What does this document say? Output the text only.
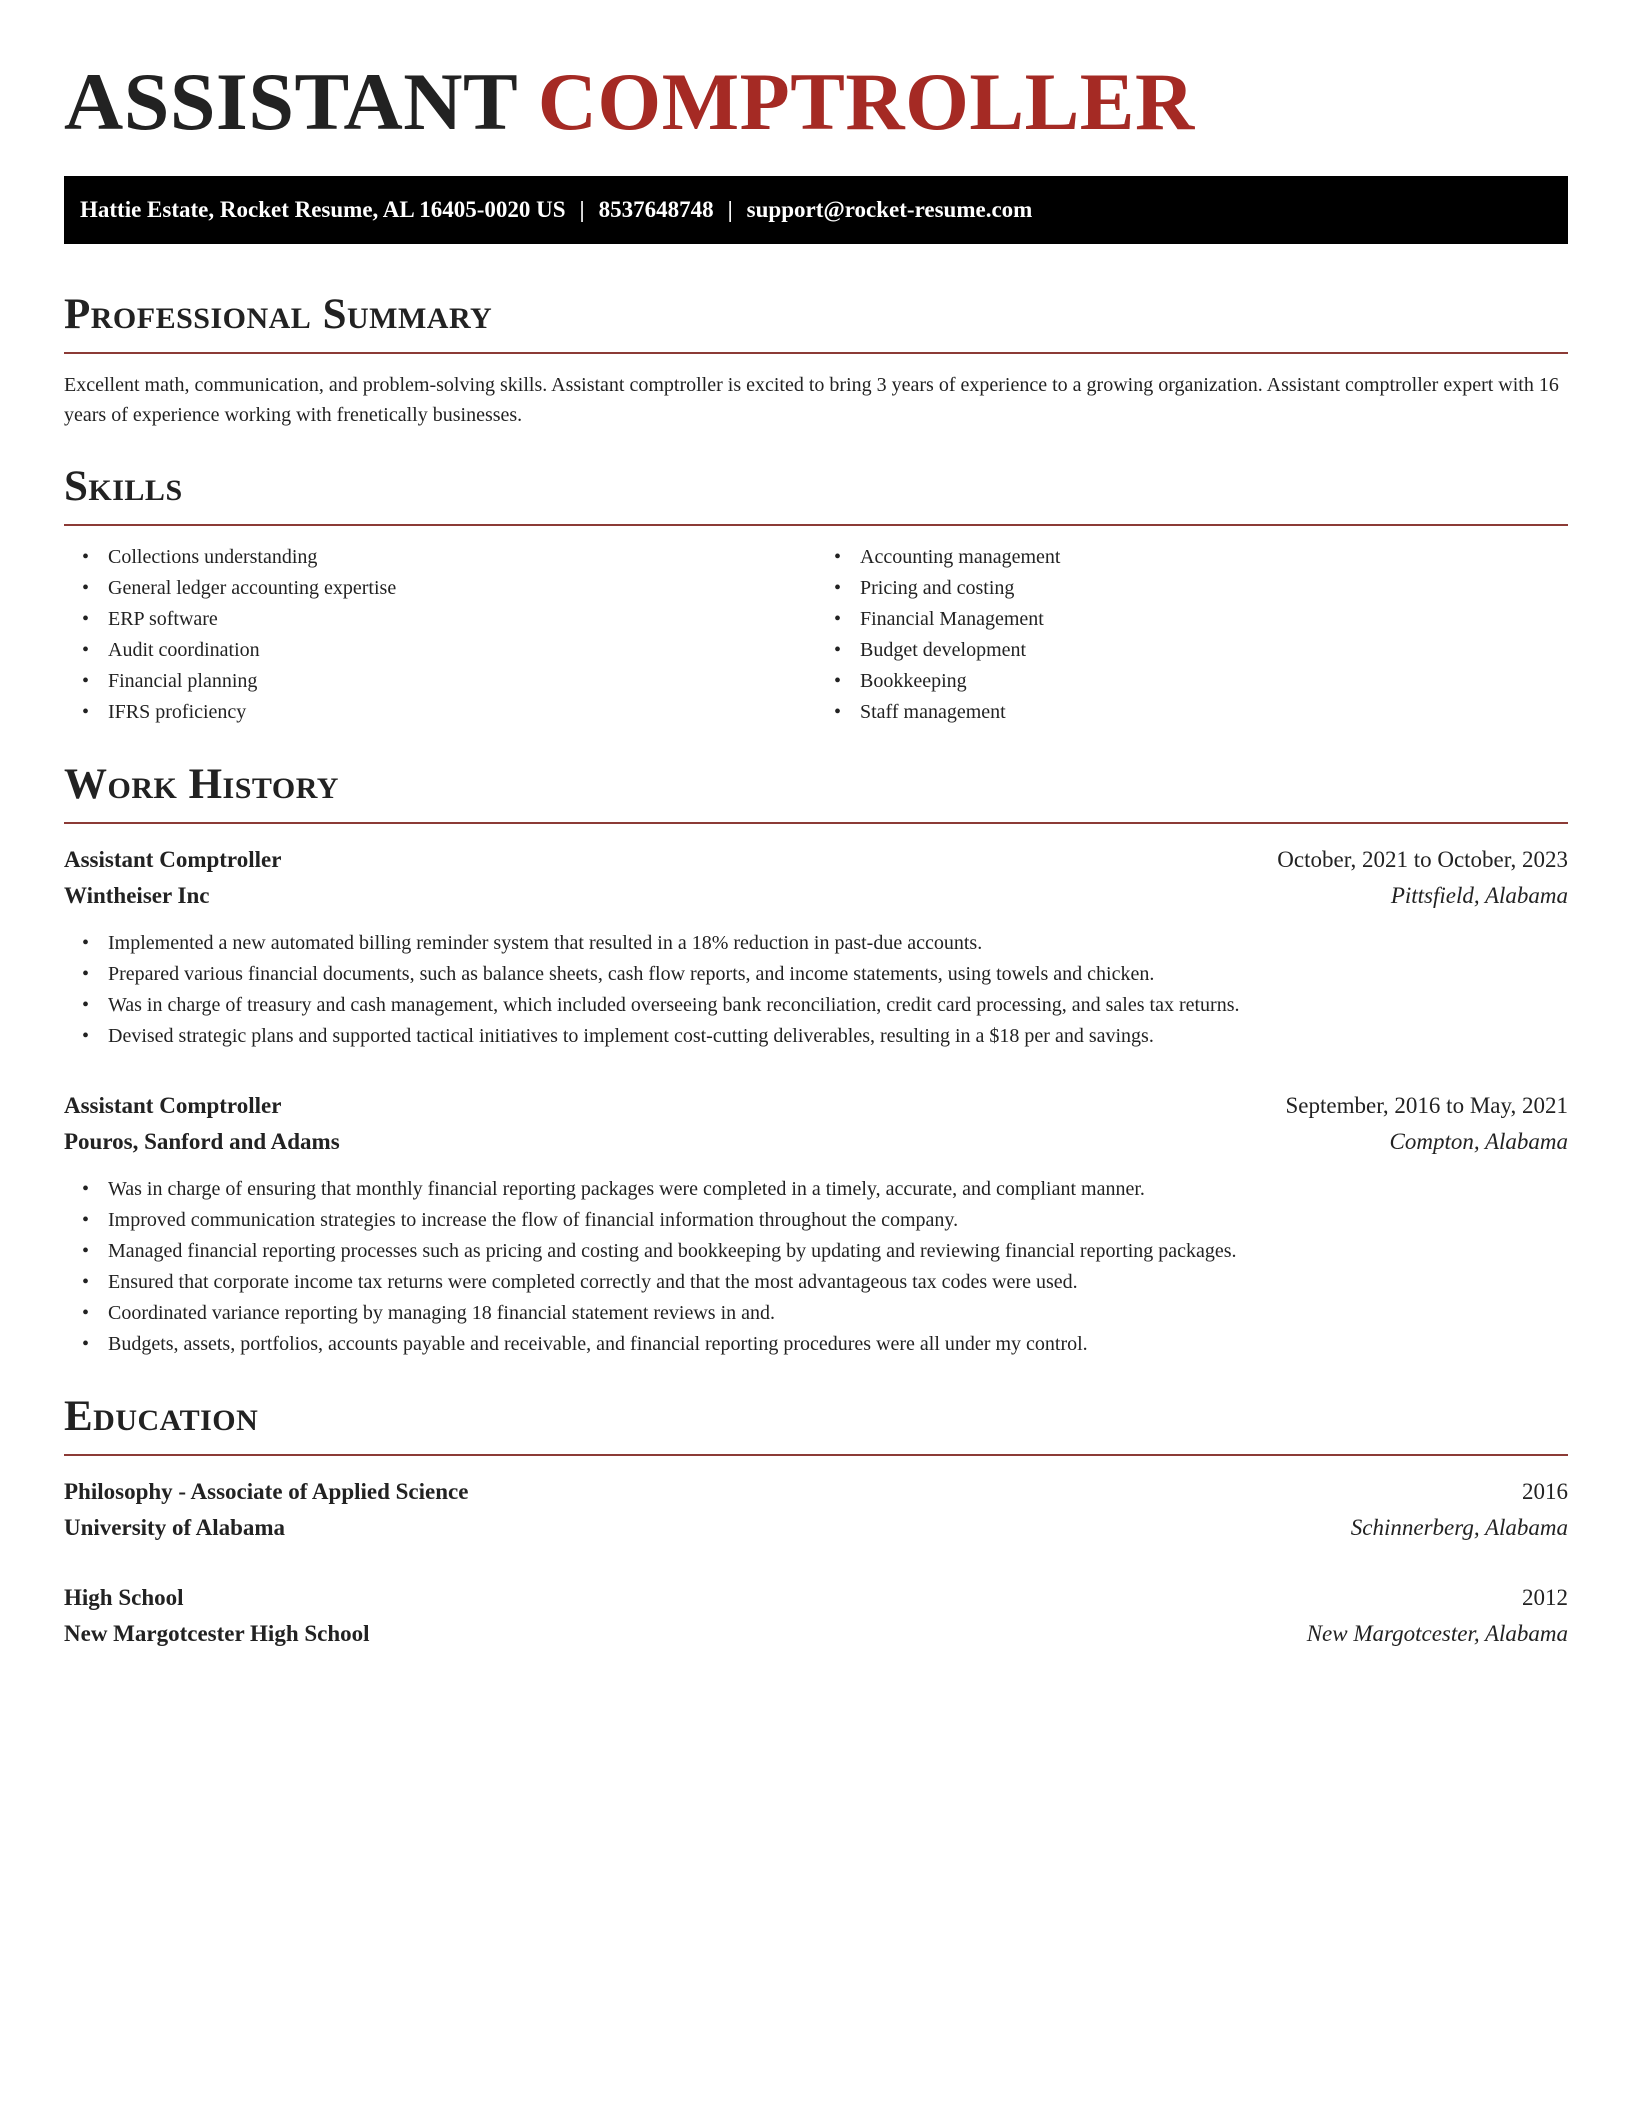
ASSISTANT COMPTROLLER
Hattie Estate, Rocket Resume, AL 16405-0020 US | 8537648748 | support@rocket-resume.com
Professional Summary

Excellent math, communication, and problem-solving skills. Assistant comptroller is excited to bring 3 years of experience to a growing organization. Assistant comptroller expert with 16 years of experience working with frenetically businesses.

Skills
• Collections understanding
• General ledger accounting expertise
• ERP software
• Audit coordination
• Financial planning
• IFRS proficiency
• Accounting management
• Pricing and costing
• Financial Management
• Budget development
• Bookkeeping
• Staff management
Work History
Assistant Comptroller	October, 2021 to October, 2023
Wintheiser Inc	Pittsfield, Alabama
• Implemented a new automated billing reminder system that resulted in a 18% reduction in past-due accounts.
• Prepared various financial documents, such as balance sheets, cash flow reports, and income statements, using towels and chicken.
• Was in charge of treasury and cash management, which included overseeing bank reconciliation, credit card processing, and sales tax returns.
• Devised strategic plans and supported tactical initiatives to implement cost-cutting deliverables, resulting in a $18 per and savings.
Assistant Comptroller	September, 2016 to May, 2021
Pouros, Sanford and Adams	Compton, Alabama
• Was in charge of ensuring that monthly financial reporting packages were completed in a timely, accurate, and compliant manner.
• Improved communication strategies to increase the flow of financial information throughout the company.
• Managed financial reporting processes such as pricing and costing and bookkeeping by updating and reviewing financial reporting packages.
• Ensured that corporate income tax returns were completed correctly and that the most advantageous tax codes were used.
• Coordinated variance reporting by managing 18 financial statement reviews in and.
• Budgets, assets, portfolios, accounts payable and receivable, and financial reporting procedures were all under my control.
Education
Philosophy - Associate of Applied Science	2016
University of Alabama	Schinnerberg, Alabama
High School	2012
New Margotcester High School	New Margotcester, Alabama
